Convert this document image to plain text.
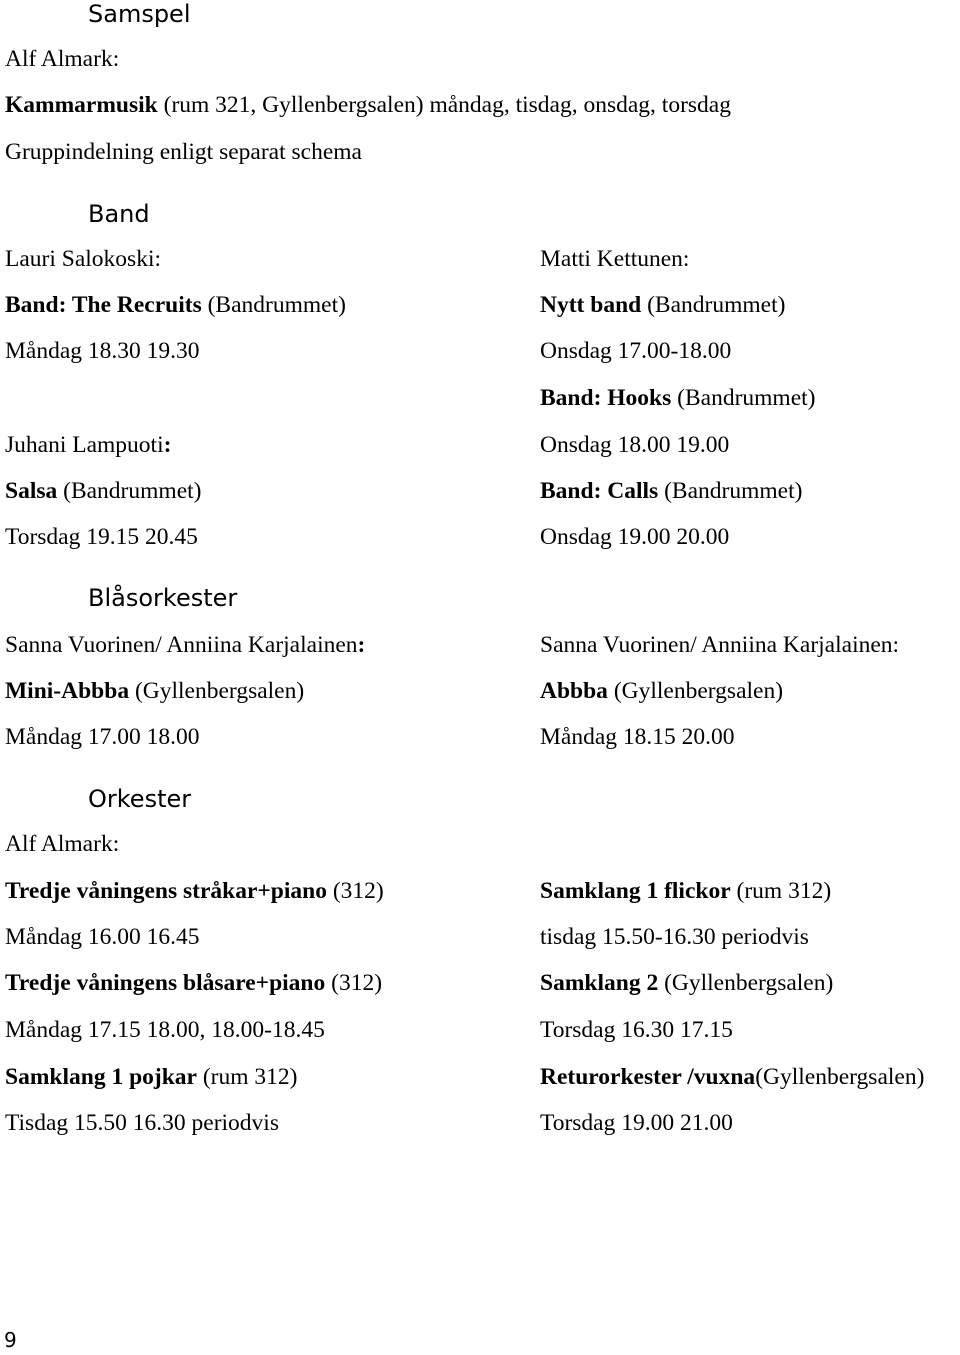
Samspel
Alf Almark:
Kammarmusik (rum 321, Gyllenbergsalen) måndag, tisdag, onsdag, torsdag
Gruppindelning enligt separat schema
Band
Lauri Salokoski:
Band: The Recruits (Bandrummet)
Måndag 18.30 19.30
Juhani Lampuoti:
Salsa (Bandrummet)
Torsdag 19.15 20.45
Matti Kettunen:
Nytt band (Bandrummet)
Onsdag 17.00-18.00
Band: Hooks (Bandrummet)
Onsdag 18.00 19.00
Band: Calls (Bandrummet)
Onsdag 19.00 20.00
Blåsorkester
Sanna Vuorinen/ Anniina Karjalainen:
Mini-Abbba (Gyllenbergsalen)
Måndag 17.00 18.00
Sanna Vuorinen/ Anniina Karjalainen:
Abbba (Gyllenbergsalen)
Måndag 18.15 20.00
Orkester
Alf Almark:
Tredje våningens stråkar+piano (312)
Måndag 16.00 16.45
Tredje våningens blåsare+piano (312)
Måndag 17.15 18.00, 18.00-18.45
Samklang 1 pojkar (rum 312)
Tisdag 15.50 16.30 periodvis
Samklang 1 flickor (rum 312)
tisdag 15.50-16.30 periodvis
Samklang 2 (Gyllenbergsalen)
Torsdag 16.30 17.15
Returorkester /vuxna(Gyllenbergsalen)
Torsdag 19.00 21.00
9
